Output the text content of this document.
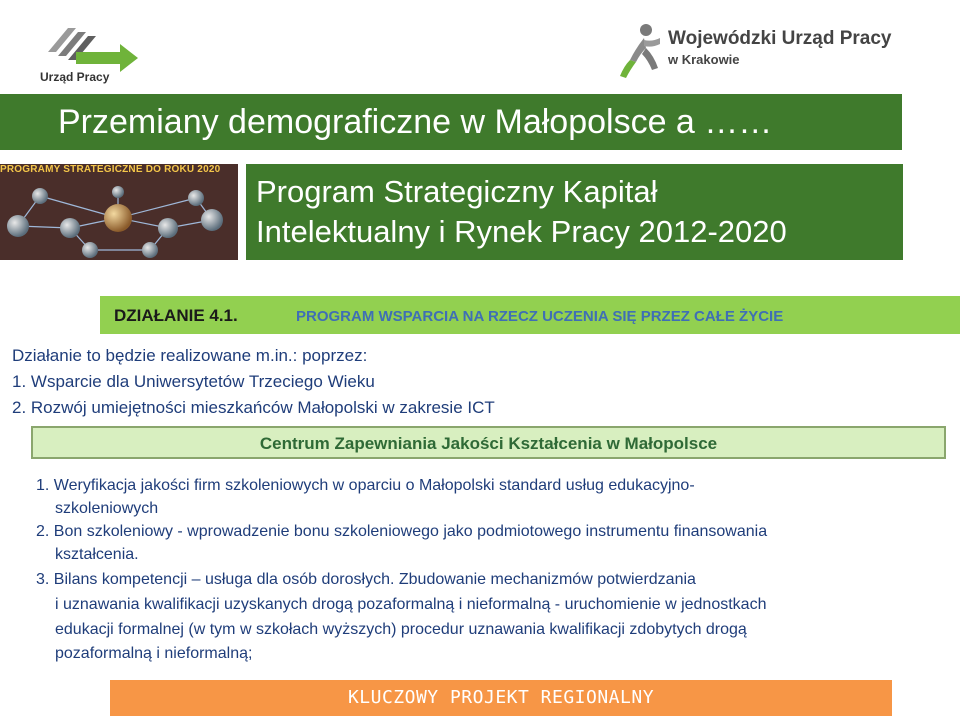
Urząd Pracy
Wojewódzki Urząd Pracy
w Krakowie
Przemiany demograficzne w Małopolsce a ……
PROGRAMY STRATEGICZNE DO ROKU 2020
Program Strategiczny Kapitał
Intelektualny i Rynek Pracy 2012-2020
DZIAŁANIE 4.1.	PROGRAM WSPARCIA NA RZECZ UCZENIA SIĘ PRZEZ CAŁE ŻYCIE
Działanie to będzie realizowane m.in.: poprzez:
1. Wsparcie dla Uniwersytetów Trzeciego Wieku
2. Rozwój umiejętności mieszkańców Małopolski w zakresie ICT
Centrum Zapewniania Jakości Kształcenia w Małopolsce
1. Weryfikacja jakości firm szkoleniowych w oparciu o Małopolski standard usług edukacyjno-
szkoleniowych
2. Bon szkoleniowy - wprowadzenie bonu szkoleniowego jako podmiotowego instrumentu finansowania
kształcenia.
3. Bilans kompetencji – usługa dla osób dorosłych. Zbudowanie mechanizmów potwierdzania
i uznawania kwalifikacji uzyskanych drogą pozaformalną i nieformalną - uruchomienie w jednostkach
edukacji formalnej (w tym w szkołach wyższych) procedur uznawania kwalifikacji zdobytych drogą
pozaformalną i nieformalną;
KLUCZOWY PROJEKT REGIONALNY
